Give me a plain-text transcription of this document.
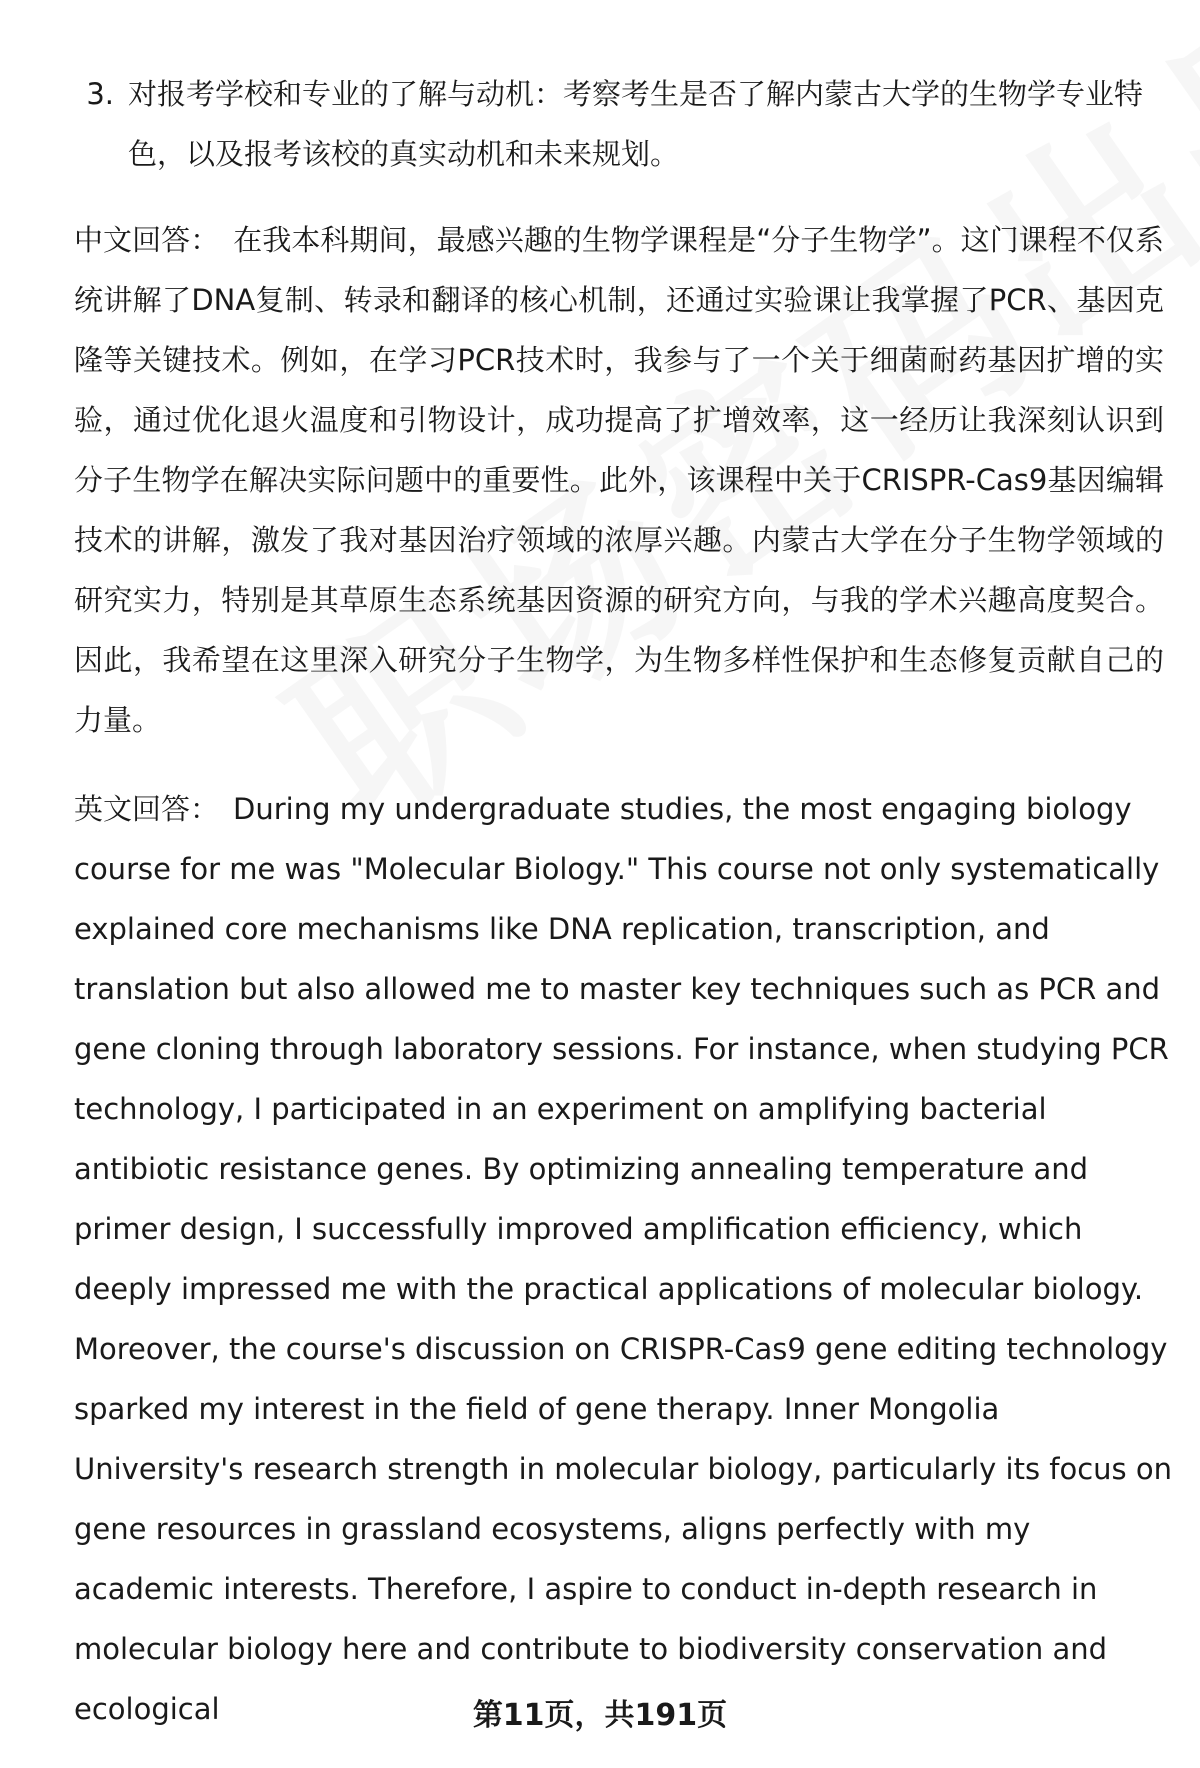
3. 对报考学校和专业的了解与动机：考察考生是否了解内蒙古大学的生物学专业特色，以及报考该校的真实动机和未来规划。

中文回答： 在我本科期间，最感兴趣的生物学课程是“分子生物学”。这门课程不仅系统讲解了DNA复制、转录和翻译的核心机制，还通过实验课让我掌握了PCR、基因克隆等关键技术。例如，在学习PCR技术时，我参与了一个关于细菌耐药基因扩增的实验，通过优化退火温度和引物设计，成功提高了扩增效率，这一经历让我深刻认识到分子生物学在解决实际问题中的重要性。此外，该课程中关于CRISPR-Cas9基因编辑技术的讲解，激发了我对基因治疗领域的浓厚兴趣。内蒙古大学在分子生物学领域的研究实力，特别是其草原生态系统基因资源的研究方向，与我的学术兴趣高度契合。因此，我希望在这里深入研究分子生物学，为生物多样性保护和生态修复贡献自己的力量。

英文回答： During my undergraduate studies, the most engaging biology course for me was "Molecular Biology." This course not only systematically explained core mechanisms like DNA replication, transcription, and translation but also allowed me to master key techniques such as PCR and gene cloning through laboratory sessions. For instance, when studying PCR technology, I participated in an experiment on amplifying bacterial antibiotic resistance genes. By optimizing annealing temperature and primer design, I successfully improved amplification efficiency, which deeply impressed me with the practical applications of molecular biology. Moreover, the course's discussion on CRISPR-Cas9 gene editing technology sparked my interest in the field of gene therapy. Inner Mongolia University's research strength in molecular biology, particularly its focus on gene resources in grassland ecosystems, aligns perfectly with my academic interests. Therefore, I aspire to conduct in-depth research in molecular biology here and contribute to biodiversity conservation and ecological	第11页，共191页
